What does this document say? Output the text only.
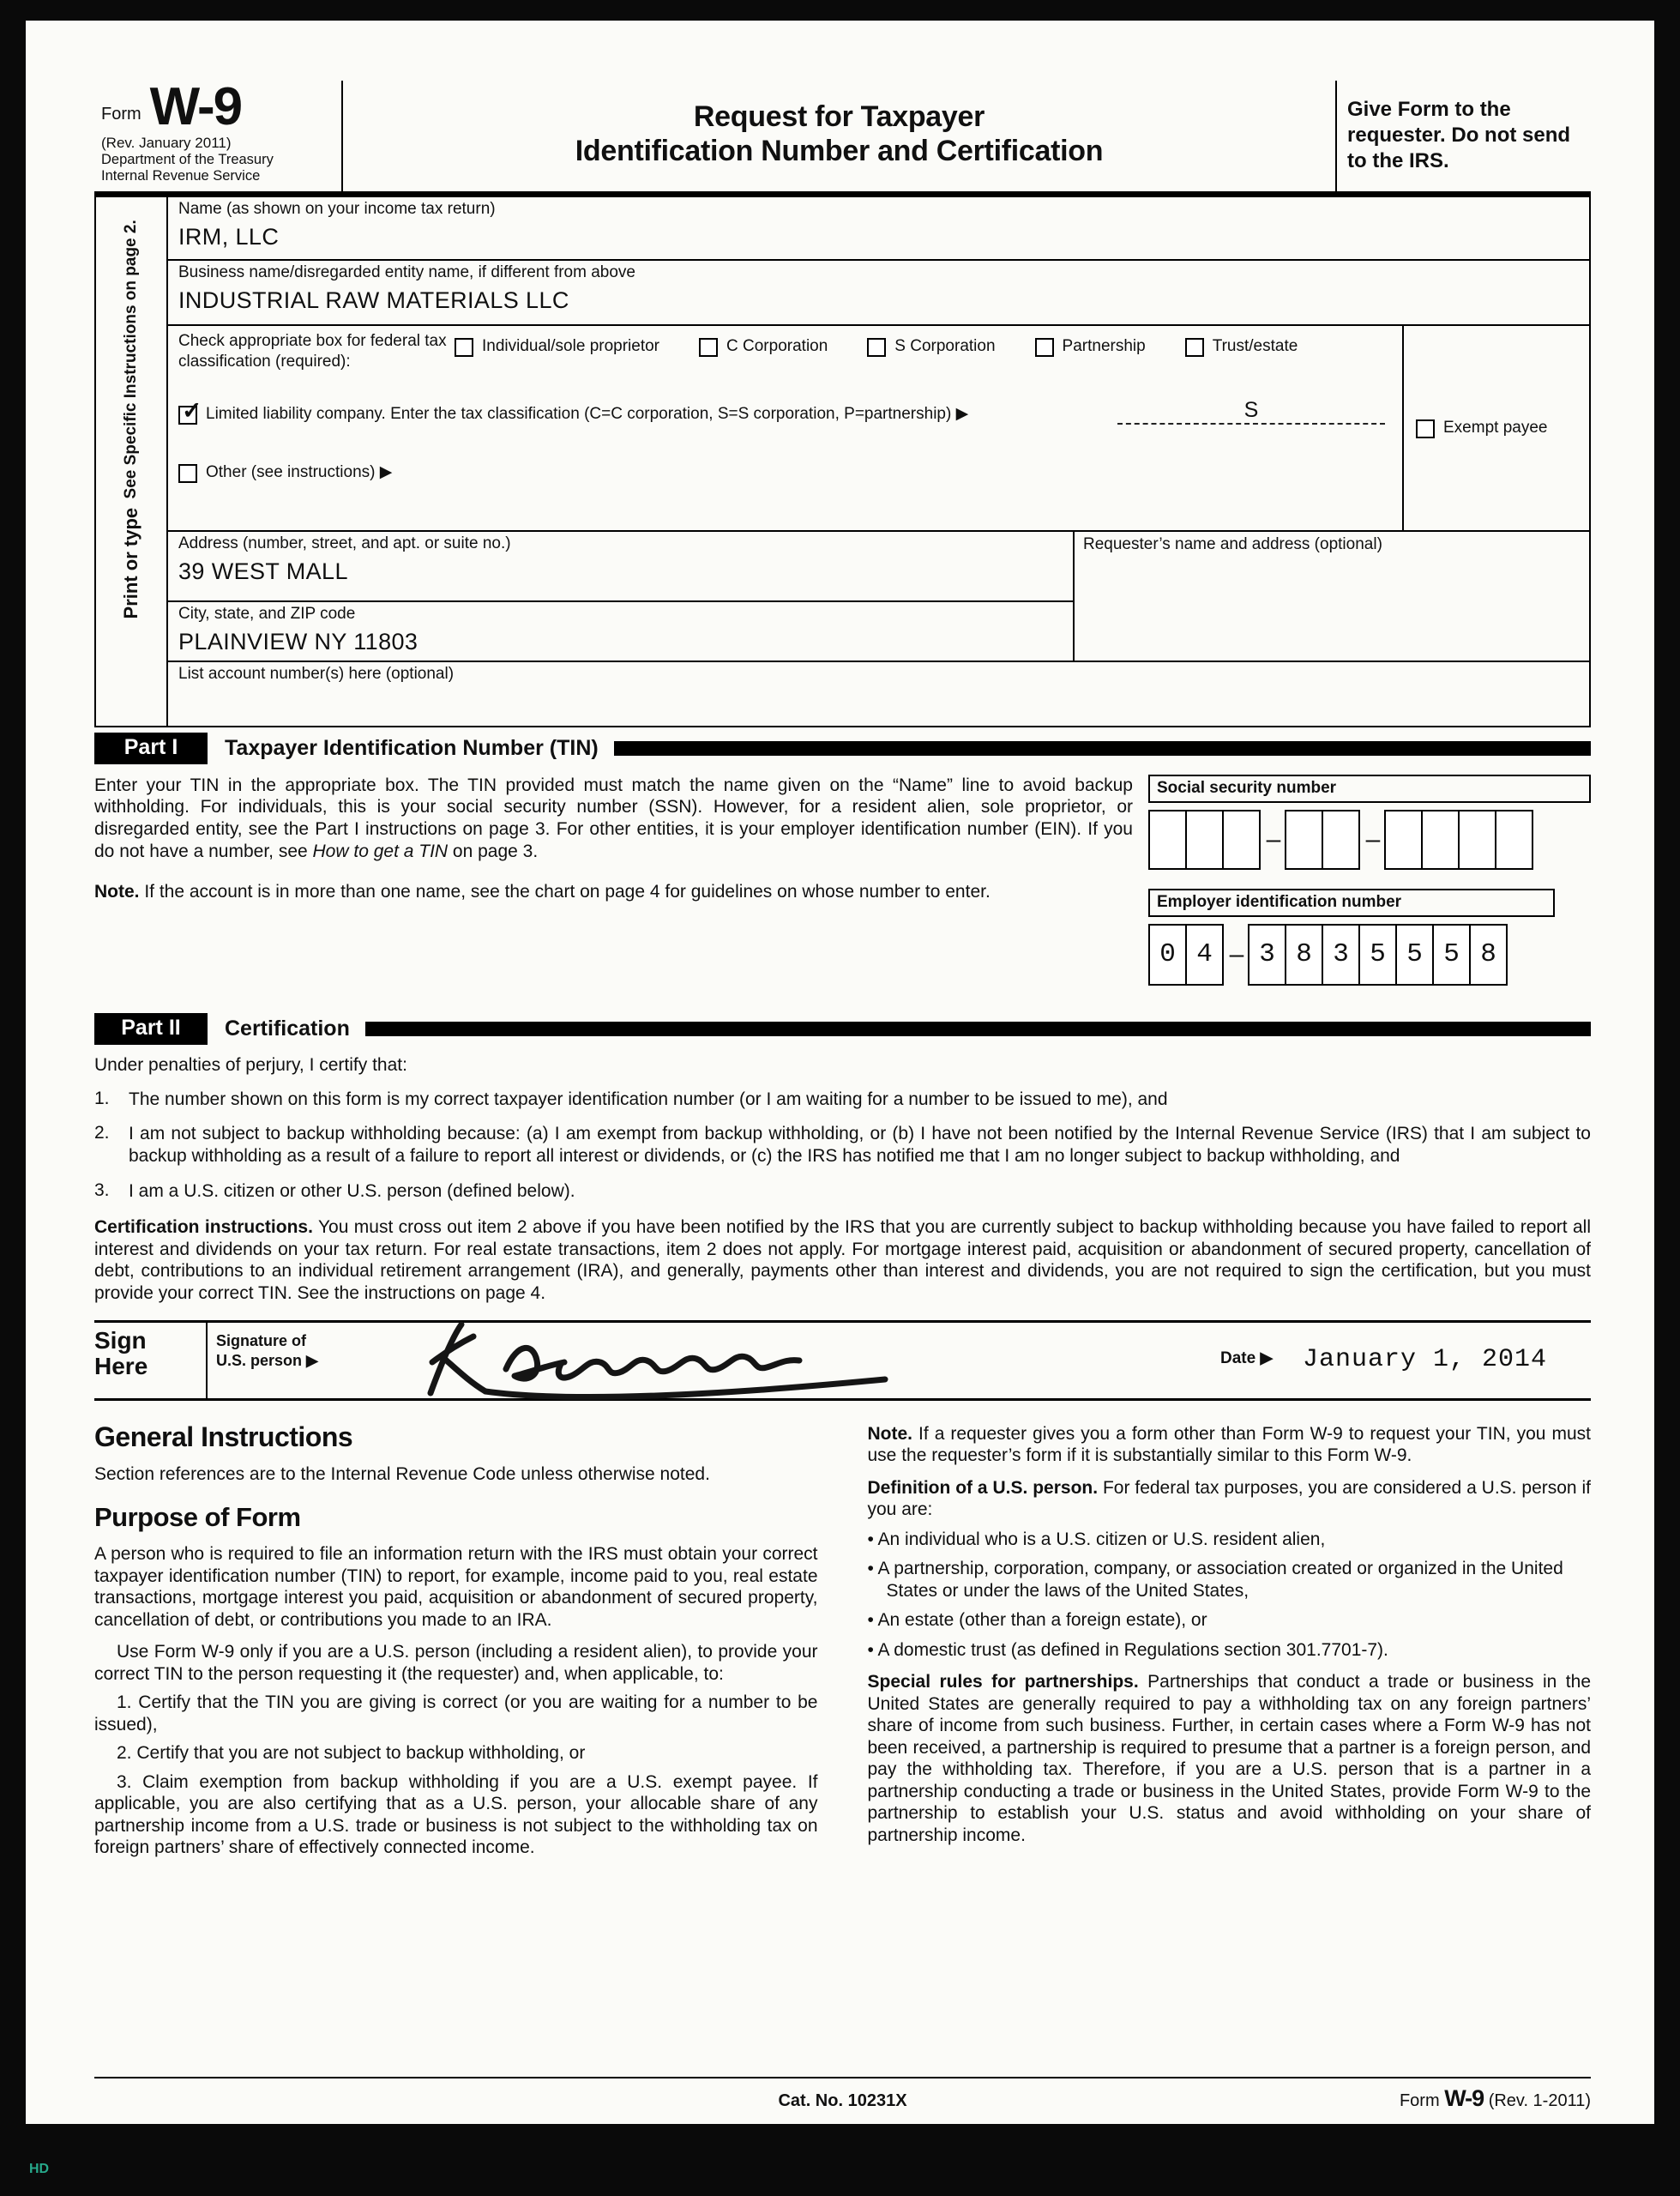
Form W-9
(Rev. January 2011)
Department of the Treasury
Internal Revenue Service
Request for Taxpayer
Identification Number and Certification
Give Form to the requester. Do not send to the IRS.
Print or type
See Specific Instructions on page 2.
Name (as shown on your income tax return)
IRM, LLC
Business name/disregarded entity name, if different from above
INDUSTRIAL RAW MATERIALS LLC
Check appropriate box for federal tax
classification (required):
Individual/sole proprietor	C Corporation	S Corporation	Partnership	Trust/estate
✓ Limited liability company. Enter the tax classification (C=C corporation, S=S corporation, P=partnership) ▶	S
Other (see instructions) ▶
Exempt payee
Address (number, street, and apt. or suite no.)
39 WEST MALL
City, state, and ZIP code
PLAINVIEW NY 11803
Requester’s name and address (optional)
List account number(s) here (optional)
Part I	Taxpayer Identification Number (TIN)
Enter your TIN in the appropriate box. The TIN provided must match the name given on the “Name” line to avoid backup withholding. For individuals, this is your social security number (SSN). However, for a resident alien, sole proprietor, or disregarded entity, see the Part I instructions on page 3. For other entities, it is your employer identification number (EIN). If you do not have a number, see How to get a TIN on page 3.
Note. If the account is in more than one name, see the chart on page 4 for guidelines on whose number to enter.
Social security number
–	–
Employer identification number
0 4 – 3 8 3 5 5 5 8
Part II	Certification
Under penalties of perjury, I certify that:
1.	The number shown on this form is my correct taxpayer identification number (or I am waiting for a number to be issued to me), and
2.	I am not subject to backup withholding because: (a) I am exempt from backup withholding, or (b) I have not been notified by the Internal Revenue Service (IRS) that I am subject to backup withholding as a result of a failure to report all interest or dividends, or (c) the IRS has notified me that I am no longer subject to backup withholding, and
3.	I am a U.S. citizen or other U.S. person (defined below).
Certification instructions. You must cross out item 2 above if you have been notified by the IRS that you are currently subject to backup withholding because you have failed to report all interest and dividends on your tax return. For real estate transactions, item 2 does not apply. For mortgage interest paid, acquisition or abandonment of secured property, cancellation of debt, contributions to an individual retirement arrangement (IRA), and generally, payments other than interest and dividends, you are not required to sign the certification, but you must provide your correct TIN. See the instructions on page 4.
Sign
Here
Signature of
U.S. person ▶	Date ▶	January 1, 2014
General Instructions
Section references are to the Internal Revenue Code unless otherwise noted.
Purpose of Form
A person who is required to file an information return with the IRS must obtain your correct taxpayer identification number (TIN) to report, for example, income paid to you, real estate transactions, mortgage interest you paid, acquisition or abandonment of secured property, cancellation of debt, or contributions you made to an IRA.
Use Form W-9 only if you are a U.S. person (including a resident alien), to provide your correct TIN to the person requesting it (the requester) and, when applicable, to:
1. Certify that the TIN you are giving is correct (or you are waiting for a number to be issued),
2. Certify that you are not subject to backup withholding, or
3. Claim exemption from backup withholding if you are a U.S. exempt payee. If applicable, you are also certifying that as a U.S. person, your allocable share of any partnership income from a U.S. trade or business is not subject to the withholding tax on foreign partners’ share of effectively connected income.
Note. If a requester gives you a form other than Form W-9 to request your TIN, you must use the requester’s form if it is substantially similar to this Form W-9.
Definition of a U.S. person. For federal tax purposes, you are considered a U.S. person if you are:
• An individual who is a U.S. citizen or U.S. resident alien,
• A partnership, corporation, company, or association created or organized in the United States or under the laws of the United States,
• An estate (other than a foreign estate), or
• A domestic trust (as defined in Regulations section 301.7701-7).
Special rules for partnerships. Partnerships that conduct a trade or business in the United States are generally required to pay a withholding tax on any foreign partners’ share of income from such business. Further, in certain cases where a Form W-9 has not been received, a partnership is required to presume that a partner is a foreign person, and pay the withholding tax. Therefore, if you are a U.S. person that is a partner in a partnership conducting a trade or business in the United States, provide Form W-9 to the partnership to establish your U.S. status and avoid withholding on your share of partnership income.
Cat. No. 10231X	Form W-9 (Rev. 1-2011)
HD
